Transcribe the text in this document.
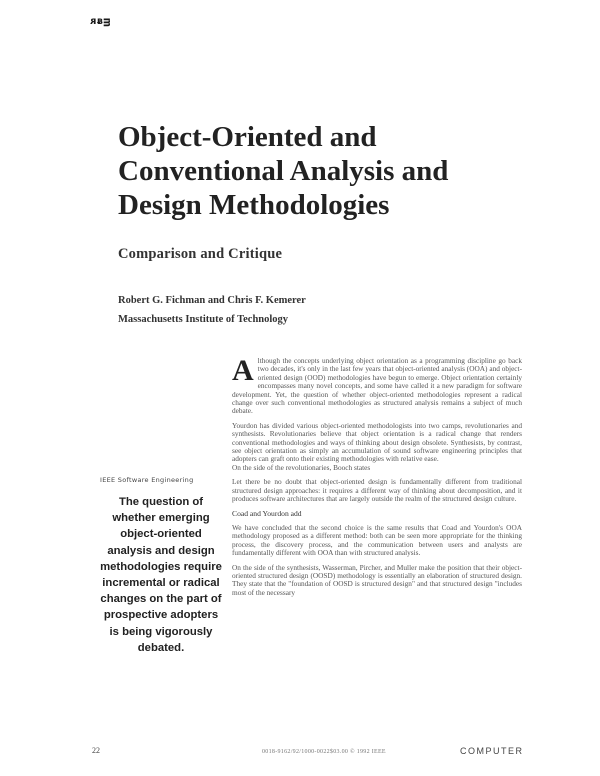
ᴙᴃᴟ
Object-Oriented and
Conventional Analysis and
Design Methodologies
Comparison and Critique
Robert G. Fichman and Chris F. Kemerer
Massachusetts Institute of Technology

Although the concepts underlying object orientation as a programming discipline go back two decades, it's only in the last few years that object-oriented analysis (OOA) and object-oriented design (OOD) methodologies have begun to emerge. Object orientation certainly encompasses many novel concepts, and some have called it a new paradigm for software development. Yet, the question of whether object-oriented methodologies represent a radical change over such conventional methodologies as structured analysis remains a subject of much debate.

Yourdon has divided various object-oriented methodologists into two camps, revolutionaries and synthesists. Revolutionaries believe that object orientation is a radical change that renders conventional methodologies and ways of thinking about design obsolete. Synthesists, by contrast, see object orientation as simply an accumulation of sound software engineering principles that adopters can graft onto their existing methodologies with relative ease.

On the side of the revolutionaries, Booch states

Let there be no doubt that object-oriented design is fundamentally different from traditional structured design approaches: it requires a different way of thinking about decomposition, and it produces software architectures that are largely outside the realm of the structured design culture.

Coad and Yourdon add

We have concluded that the second choice is the same results that Coad and Yourdon's OOA methodology proposed as a different method: both can be seen more appropriate for the thinking process, the discovery process, and the communication between users and analysts are fundamentally different with OOA than with structured analysis.

On the side of the synthesists, Wasserman, Pircher, and Muller make the position that their object-oriented structured design (OOSD) methodology is essentially an elaboration of structured design. They state that the "foundation of OOSD is structured design" and that structured design "includes most of the necessary

IEEE Software Engineering
The question of whether emerging object-oriented analysis and design methodologies require incremental or radical changes on the part of prospective adopters is being vigorously debated.
22	0018-9162/92/1000-0022$03.00 © 1992 IEEE	COMPUTER
